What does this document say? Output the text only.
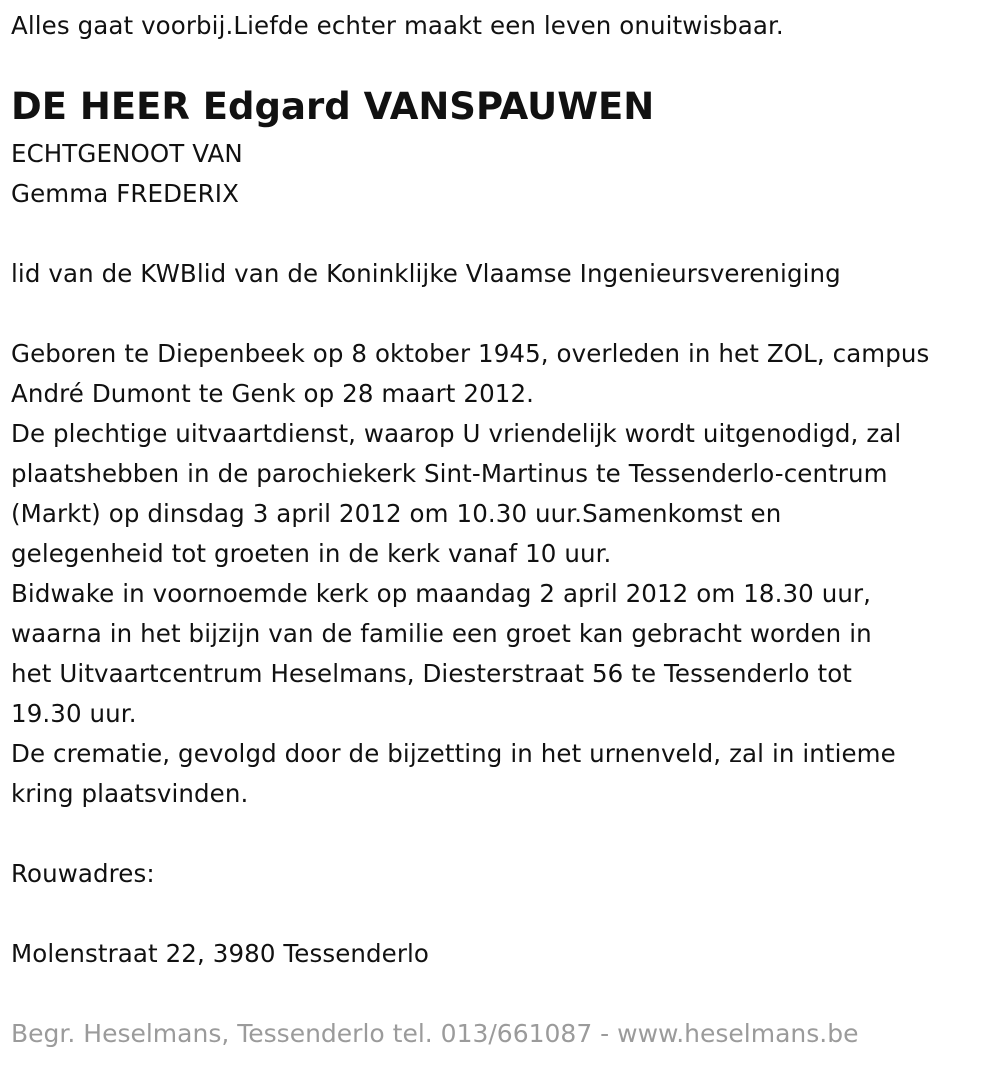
Alles gaat voorbij.Liefde echter maakt een leven onuitwisbaar.
DE HEER Edgard VANSPAUWEN
ECHTGENOOT VAN
Gemma FREDERIX
lid van de KWBlid van de Koninklijke Vlaamse Ingenieursvereniging
Geboren te Diepenbeek op 8 oktober 1945, overleden in het ZOL, campus
André Dumont te Genk op 28 maart 2012.
De plechtige uitvaartdienst, waarop U vriendelijk wordt uitgenodigd, zal
plaatshebben in de parochiekerk Sint-Martinus te Tessenderlo-centrum
(Markt) op dinsdag 3 april 2012 om 10.30 uur.Samenkomst en
gelegenheid tot groeten in de kerk vanaf 10 uur.
Bidwake in voornoemde kerk op maandag 2 april 2012 om 18.30 uur,
waarna in het bijzijn van de familie een groet kan gebracht worden in
het Uitvaartcentrum Heselmans, Diesterstraat 56 te Tessenderlo tot
19.30 uur.
De crematie, gevolgd door de bijzetting in het urnenveld, zal in intieme
kring plaatsvinden.
Rouwadres:
Molenstraat 22, 3980 Tessenderlo
Begr. Heselmans, Tessenderlo tel. 013/661087 - www.heselmans.be
